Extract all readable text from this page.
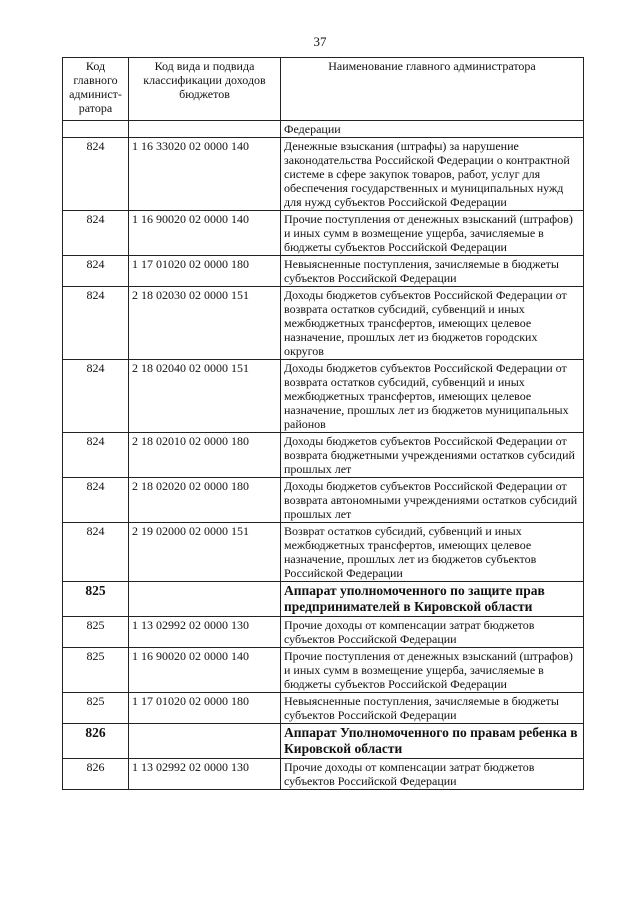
37
Код главного админист-ратора	Код вида и подвида классификации доходов бюджетов	Наименование главного администратора
		Федерации
824	1 16 33020 02 0000 140	Денежные взыскания (штрафы) за нарушение законодательства Российской Федерации о контрактной системе в сфере закупок товаров, работ, услуг для обеспечения государственных и муниципальных нужд для нужд субъектов Российской Федерации
824	1 16 90020 02 0000 140	Прочие поступления от денежных взысканий (штрафов) и иных сумм в возмещение ущерба, зачисляемые в бюджеты субъектов Российской Федерации
824	1 17 01020 02 0000 180	Невыясненные поступления, зачисляемые в бюджеты субъектов Российской Федерации
824	2 18 02030 02 0000 151	Доходы бюджетов субъектов Российской Федерации от возврата остатков субсидий, субвенций и иных межбюджетных трансфертов, имеющих целевое назначение, прошлых лет из бюджетов городских округов
824	2 18 02040 02 0000 151	Доходы бюджетов субъектов Российской Федерации от возврата остатков субсидий, субвенций и иных межбюджетных трансфертов, имеющих целевое назначение, прошлых лет из бюджетов муниципальных районов
824	2 18 02010 02 0000 180	Доходы бюджетов субъектов Российской Федерации от возврата бюджетными учреждениями остатков субсидий прошлых лет
824	2 18 02020 02 0000 180	Доходы бюджетов субъектов Российской Федерации от возврата автономными учреждениями остатков субсидий прошлых лет
824	2 19 02000 02 0000 151	Возврат остатков субсидий, субвенций и иных межбюджетных трансфертов, имеющих целевое назначение, прошлых лет из бюджетов субъектов Российской Федерации
825		Аппарат уполномоченного по защите прав предпринимателей в Кировской области
825	1 13 02992 02 0000 130	Прочие доходы от компенсации затрат бюджетов субъектов Российской Федерации
825	1 16 90020 02 0000 140	Прочие поступления от денежных взысканий (штрафов) и иных сумм в возмещение ущерба, зачисляемые в бюджеты субъектов Российской Федерации
825	1 17 01020 02 0000 180	Невыясненные поступления, зачисляемые в бюджеты субъектов Российской Федерации
826		Аппарат Уполномоченного по правам ребенка в Кировской области
826	1 13 02992 02 0000 130	Прочие доходы от компенсации затрат бюджетов субъектов Российской Федерации
